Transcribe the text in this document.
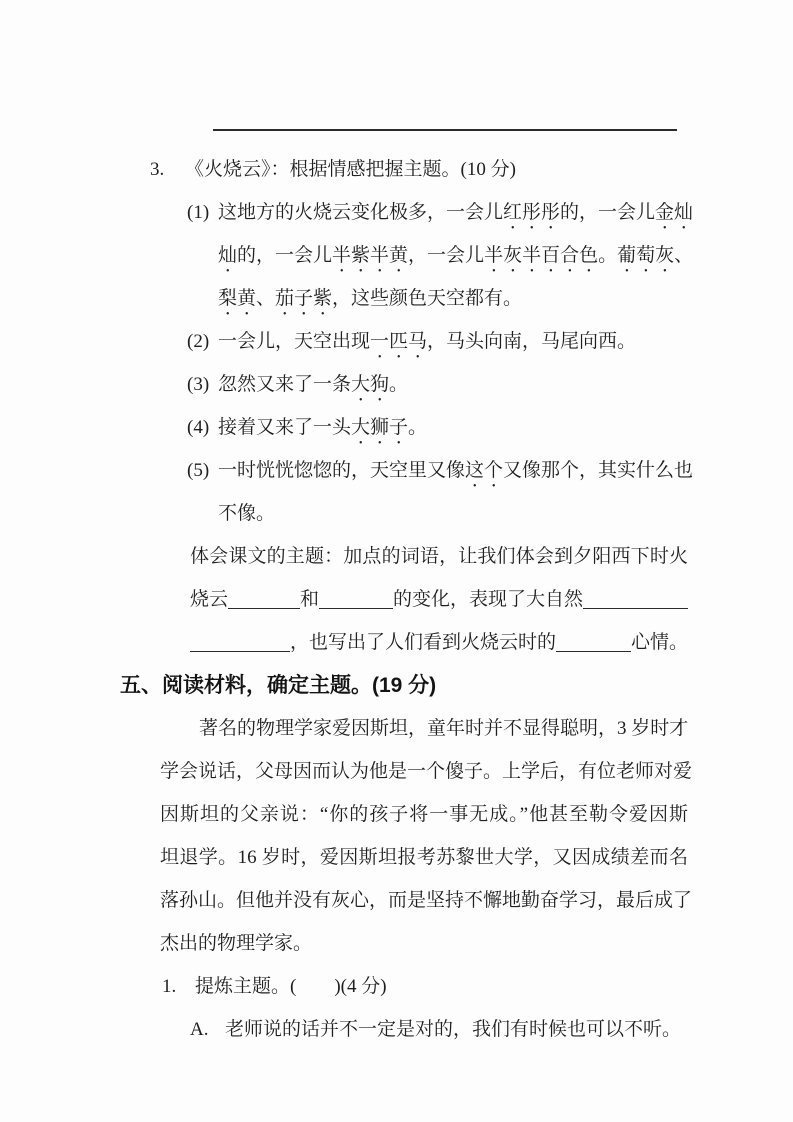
3. 《火烧云》：根据情感把握主题。(10 分)
(1) 这地方的火烧云变化极多，一会儿红彤彤的，一会儿金灿
灿的，一会儿半紫半黄，一会儿半灰半百合色。葡萄灰、
梨黄、茄子紫，这些颜色天空都有。
(2) 一会儿，天空出现一匹马，马头向南，马尾向西。
(3) 忽然又来了一条大狗。
(4) 接着又来了一头大狮子。
(5) 一时恍恍惚惚的，天空里又像这个又像那个，其实什么也
不像。
体会课文的主题：加点的词语，让我们体会到夕阳西下时火
烧云	和	的变化，表现了大自然
，也写出了人们看到火烧云时的	心情。
五、阅读材料，确定主题。(19 分)
著名的物理学家爱因斯坦，童年时并不显得聪明，3 岁时才
学会说话，父母因而认为他是一个傻子。上学后，有位老师对爱
因斯坦的父亲说：“你的孩子将一事无成。”他甚至勒令爱因斯
坦退学。16 岁时，爱因斯坦报考苏黎世大学，又因成绩差而名
落孙山。但他并没有灰心，而是坚持不懈地勤奋学习，最后成了
杰出的物理学家。
1. 提炼主题。(　　)(4 分)
A. 老师说的话并不一定是对的，我们有时候也可以不听。
